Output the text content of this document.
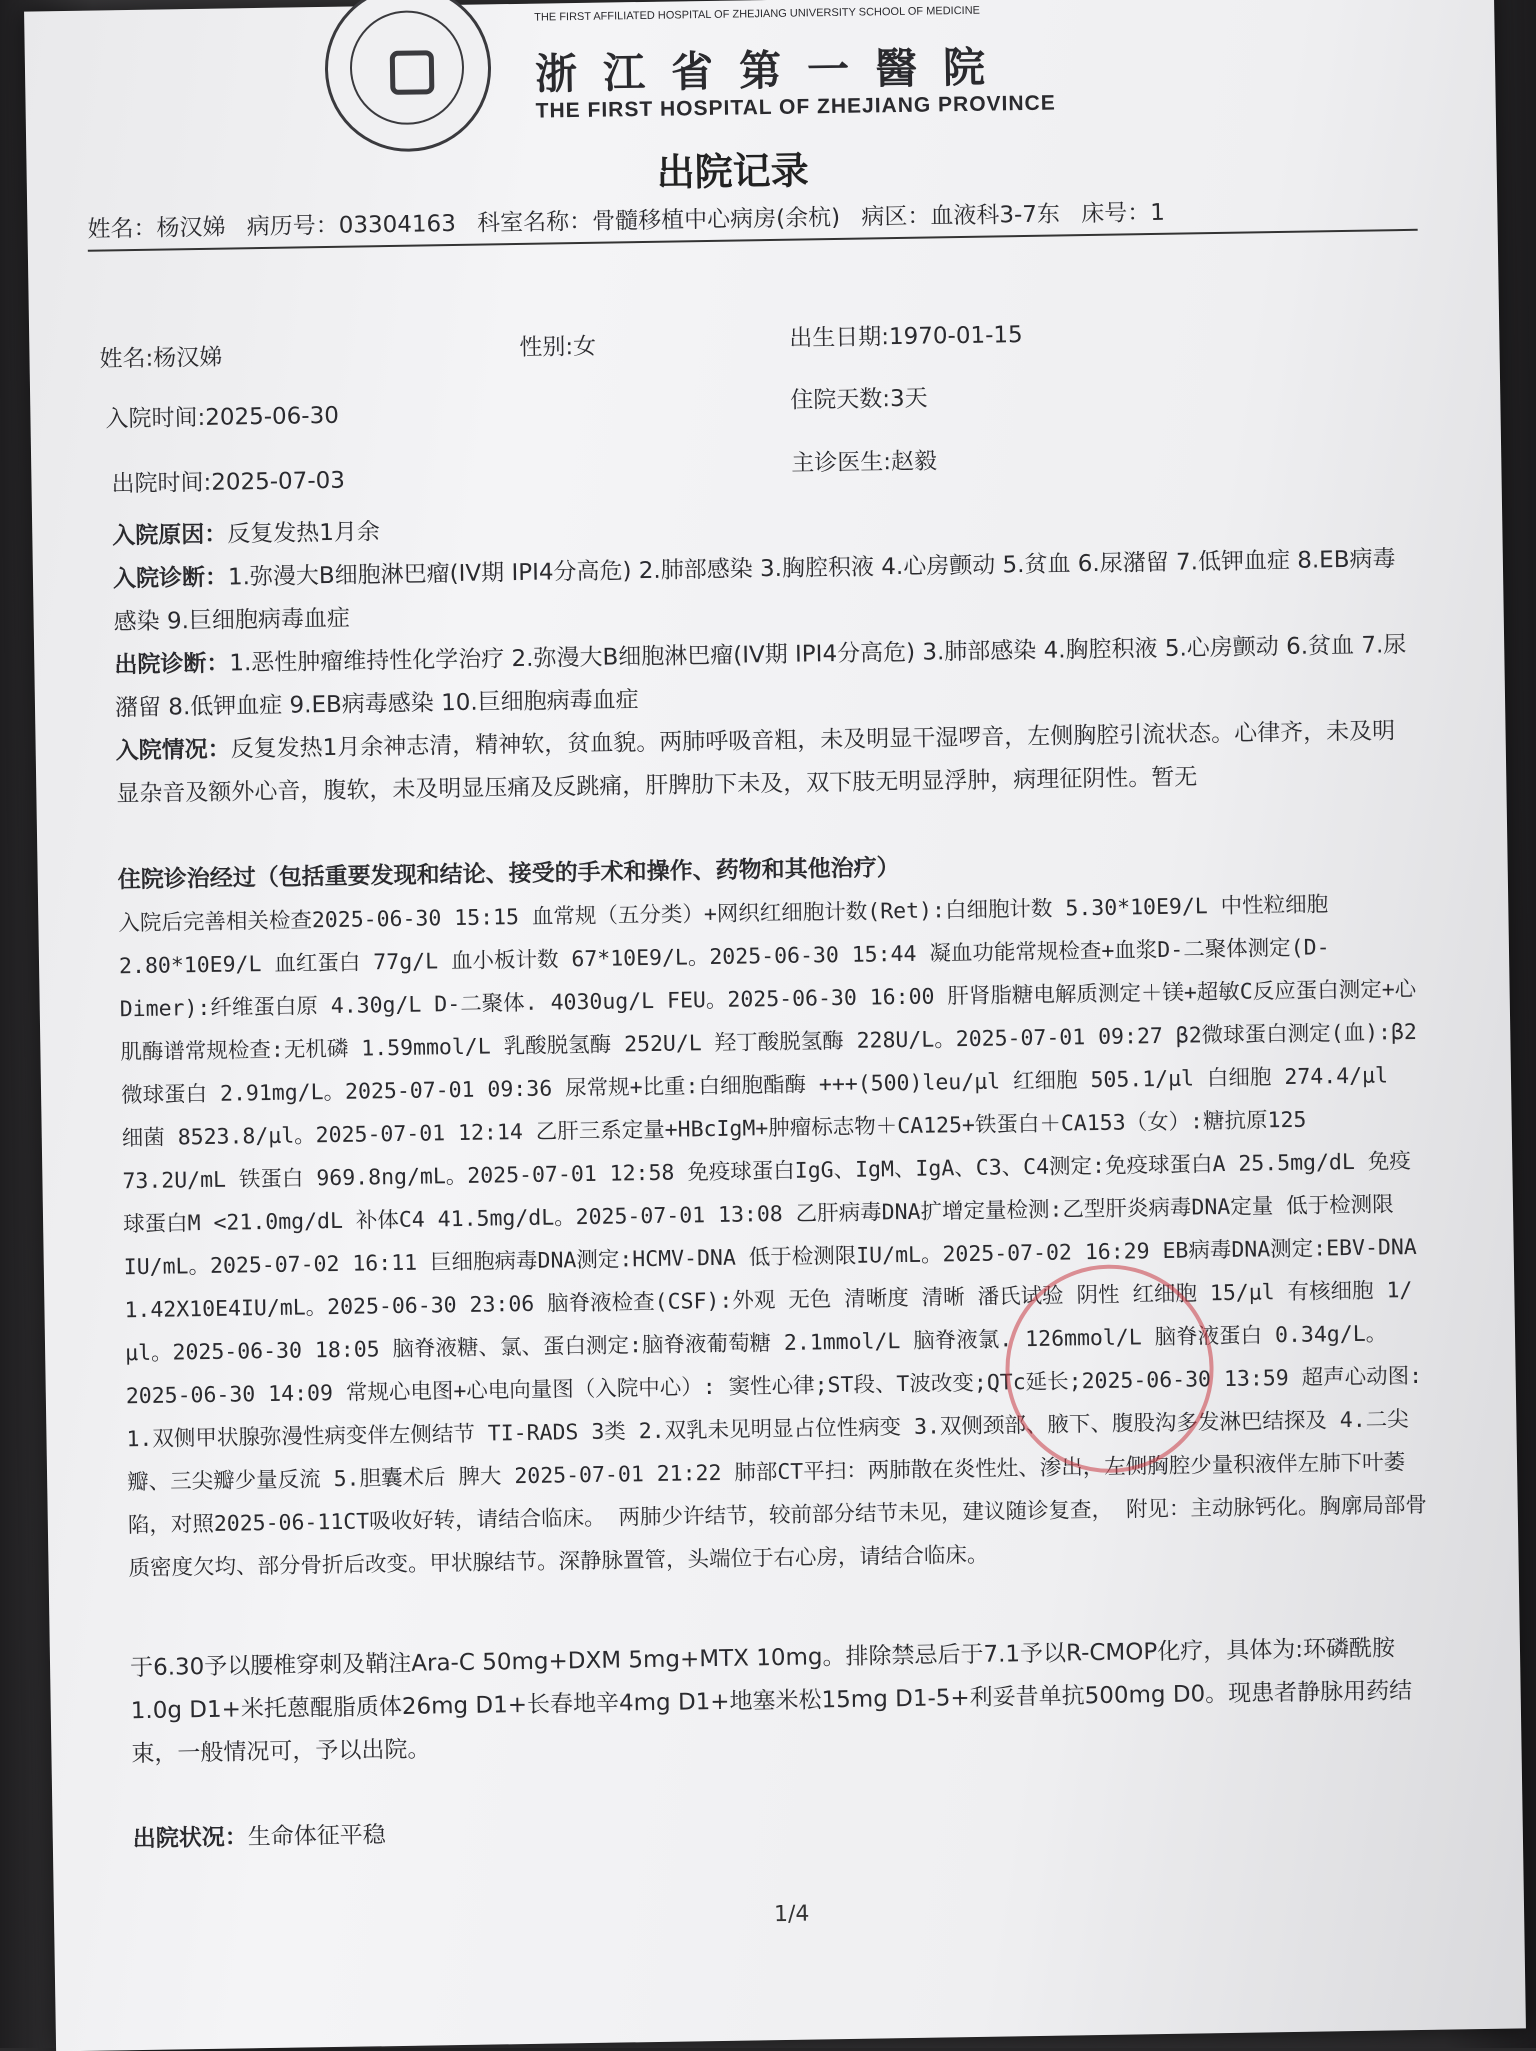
THE FIRST AFFILIATED HOSPITAL OF ZHEJIANG UNIVERSITY SCHOOL OF MEDICINE
浙江省第一醫院
THE FIRST HOSPITAL OF ZHEJIANG PROVINCE
出院记录
姓名：杨汉娣 病历号：03304163 科室名称：骨髓移植中心病房(余杭) 病区：血液科3-7东 床号：1
姓名:杨汉娣	性别:女	出生日期:1970-01-15
入院时间:2025-06-30
住院天数:3天
出院时间:2025-07-03
主诊医生:赵毅
入院原因：反复发热1月余
入院诊断：1.弥漫大B细胞淋巴瘤(IV期 IPI4分高危) 2.肺部感染 3.胸腔积液 4.心房颤动 5.贫血 6.尿潴留 7.低钾血症 8.EB病毒感染 9.巨细胞病毒血症
出院诊断：1.恶性肿瘤维持性化学治疗 2.弥漫大B细胞淋巴瘤(IV期 IPI4分高危) 3.肺部感染 4.胸腔积液 5.心房颤动 6.贫血 7.尿潴留 8.低钾血症 9.EB病毒感染 10.巨细胞病毒血症
入院情况：反复发热1月余神志清，精神软，贫血貌。两肺呼吸音粗，未及明显干湿啰音，左侧胸腔引流状态。心律齐，未及明显杂音及额外心音，腹软，未及明显压痛及反跳痛，肝脾肋下未及，双下肢无明显浮肿，病理征阴性。暂无
住院诊治经过（包括重要发现和结论、接受的手术和操作、药物和其他治疗）
入院后完善相关检查2025-06-30 15:15 血常规（五分类）+网织红细胞计数(Ret):白细胞计数 5.30*10E9/L 中性粒细胞 2.80*10E9/L 血红蛋白 77g/L 血小板计数 67*10E9/L。2025-06-30 15:44 凝血功能常规检查+血浆D-二聚体测定(D-Dimer):纤维蛋白原 4.30g/L D-二聚体. 4030ug/L FEU。2025-06-30 16:00 肝肾脂糖电解质测定＋镁+超敏C反应蛋白测定+心肌酶谱常规检查:无机磷 1.59mmol/L 乳酸脱氢酶 252U/L 羟丁酸脱氢酶 228U/L。2025-07-01 09:27 β2微球蛋白测定(血):β2微球蛋白 2.91mg/L。2025-07-01 09:36 尿常规+比重:白细胞酯酶 +++(500)leu/μl 红细胞 505.1/μl 白细胞 274.4/μl 细菌 8523.8/μl。2025-07-01 12:14 乙肝三系定量+HBcIgM+肿瘤标志物＋CA125+铁蛋白＋CA153（女）:糖抗原125 73.2U/mL 铁蛋白 969.8ng/mL。2025-07-01 12:58 免疫球蛋白IgG、IgM、IgA、C3、C4测定:免疫球蛋白A 25.5mg/dL 免疫球蛋白M <21.0mg/dL 补体C4 41.5mg/dL。2025-07-01 13:08 乙肝病毒DNA扩增定量检测:乙型肝炎病毒DNA定量 低于检测限IU/mL。2025-07-02 16:11 巨细胞病毒DNA测定:HCMV-DNA 低于检测限IU/mL。2025-07-02 16:29 EB病毒DNA测定:EBV-DNA 1.42X10E4IU/mL。2025-06-30 23:06 脑脊液检查(CSF):外观 无色 清晰度 清晰 潘氏试验 阴性 红细胞 15/μl 有核细胞 1/μl。2025-06-30 18:05 脑脊液糖、氯、蛋白测定:脑脊液葡萄糖 2.1mmol/L 脑脊液氯. 126mmol/L 脑脊液蛋白 0.34g/L。2025-06-30 14:09 常规心电图+心电向量图（入院中心）: 窦性心律;ST段、T波改变;QTc延长;2025-06-30 13:59 超声心动图: 1.双侧甲状腺弥漫性病变伴左侧结节 TI-RADS 3类 2.双乳未见明显占位性病变 3.双侧颈部、腋下、腹股沟多发淋巴结探及 4.二尖瓣、三尖瓣少量反流 5.胆囊术后 脾大 2025-07-01 21:22 肺部CT平扫：两肺散在炎性灶、渗出，左侧胸腔少量积液伴左肺下叶萎陷，对照2025-06-11CT吸收好转，请结合临床。 两肺少许结节，较前部分结节未见，建议随诊复查， 附见：主动脉钙化。胸廓局部骨质密度欠均、部分骨折后改变。甲状腺结节。深静脉置管，头端位于右心房，请结合临床。
于6.30予以腰椎穿刺及鞘注Ara-C 50mg+DXM 5mg+MTX 10mg。排除禁忌后于7.1予以R-CMOP化疗，具体为:环磷酰胺1.0g D1+米托蒽醌脂质体26mg D1+长春地辛4mg D1+地塞米松15mg D1-5+利妥昔单抗500mg D0。现患者静脉用药结束，一般情况可，予以出院。
出院状况：生命体征平稳
1/4
